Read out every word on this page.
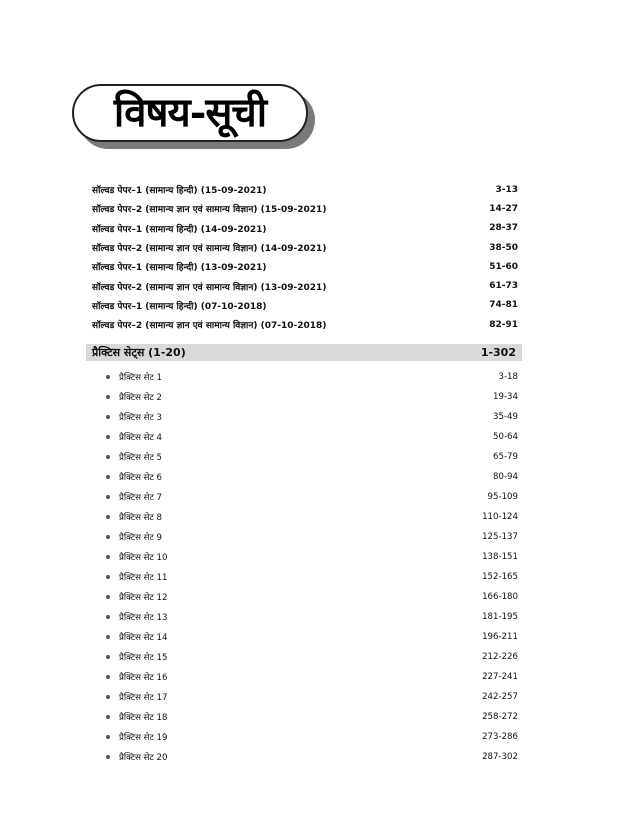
विषय-सूची
सॉल्वड पेपर–1 (सामान्य हिन्दी) (15-09-2021)	3-13
सॉल्वड पेपर–2 (सामान्य ज्ञान एवं सामान्य विज्ञान) (15-09-2021)	14-27
सॉल्वड पेपर–1 (सामान्य हिन्दी) (14-09-2021)	28-37
सॉल्वड पेपर–2 (सामान्य ज्ञान एवं सामान्य विज्ञान) (14-09-2021)	38-50
सॉल्वड पेपर–1 (सामान्य हिन्दी) (13-09-2021)	51-60
सॉल्वड पेपर–2 (सामान्य ज्ञान एवं सामान्य विज्ञान) (13-09-2021)	61-73
सॉल्वड पेपर–1 (सामान्य हिन्दी) (07-10-2018)	74-81
सॉल्वड पेपर–2 (सामान्य ज्ञान एवं सामान्य विज्ञान) (07-10-2018)	82-91
प्रैक्टिस सेट्स (1-20)	1-302
प्रैक्टिस सेट 1	3-18
प्रैक्टिस सेट 2	19-34
प्रैक्टिस सेट 3	35-49
प्रैक्टिस सेट 4	50-64
प्रैक्टिस सेट 5	65-79
प्रैक्टिस सेट 6	80-94
प्रैक्टिस सेट 7	95-109
प्रैक्टिस सेट 8	110-124
प्रैक्टिस सेट 9	125-137
प्रैक्टिस सेट 10	138-151
प्रैक्टिस सेट 11	152-165
प्रैक्टिस सेट 12	166-180
प्रैक्टिस सेट 13	181-195
प्रैक्टिस सेट 14	196-211
प्रैक्टिस सेट 15	212-226
प्रैक्टिस सेट 16	227-241
प्रैक्टिस सेट 17	242-257
प्रैक्टिस सेट 18	258-272
प्रैक्टिस सेट 19	273-286
प्रैक्टिस सेट 20	287-302
